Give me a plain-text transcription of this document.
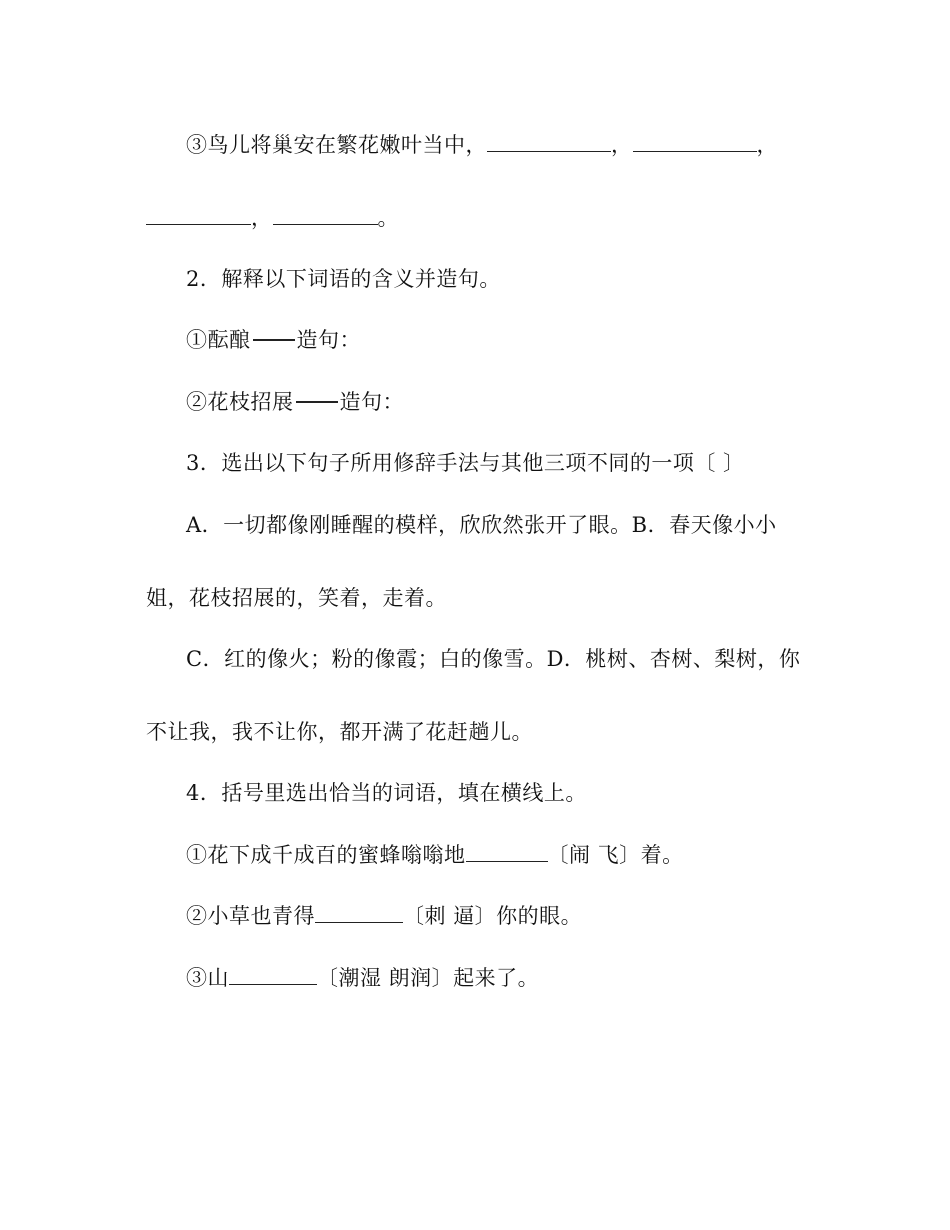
③鸟儿将巢安在繁花嫩叶当中，	，	，
，	。
2．解释以下词语的含义并造句。
①酝酿 造句：
②花枝招展 造句：
3．选出以下句子所用修辞手法与其他三项不同的一项〔 〕
A．一切都像刚睡醒的模样，欣欣然张开了眼。B．春天像小小
姐，花枝招展的，笑着，走着。
C．红的像火；粉的像霞；白的像雪。D．桃树、杏树、梨树，你
不让我，我不让你，都开满了花赶趟儿。
4．括号里选出恰当的词语，填在横线上。
①花下成千成百的蜜蜂嗡嗡地	〔闹 飞〕着。
②小草也青得	〔刺 逼〕你的眼。
③山	〔潮湿 朗润〕起来了。
